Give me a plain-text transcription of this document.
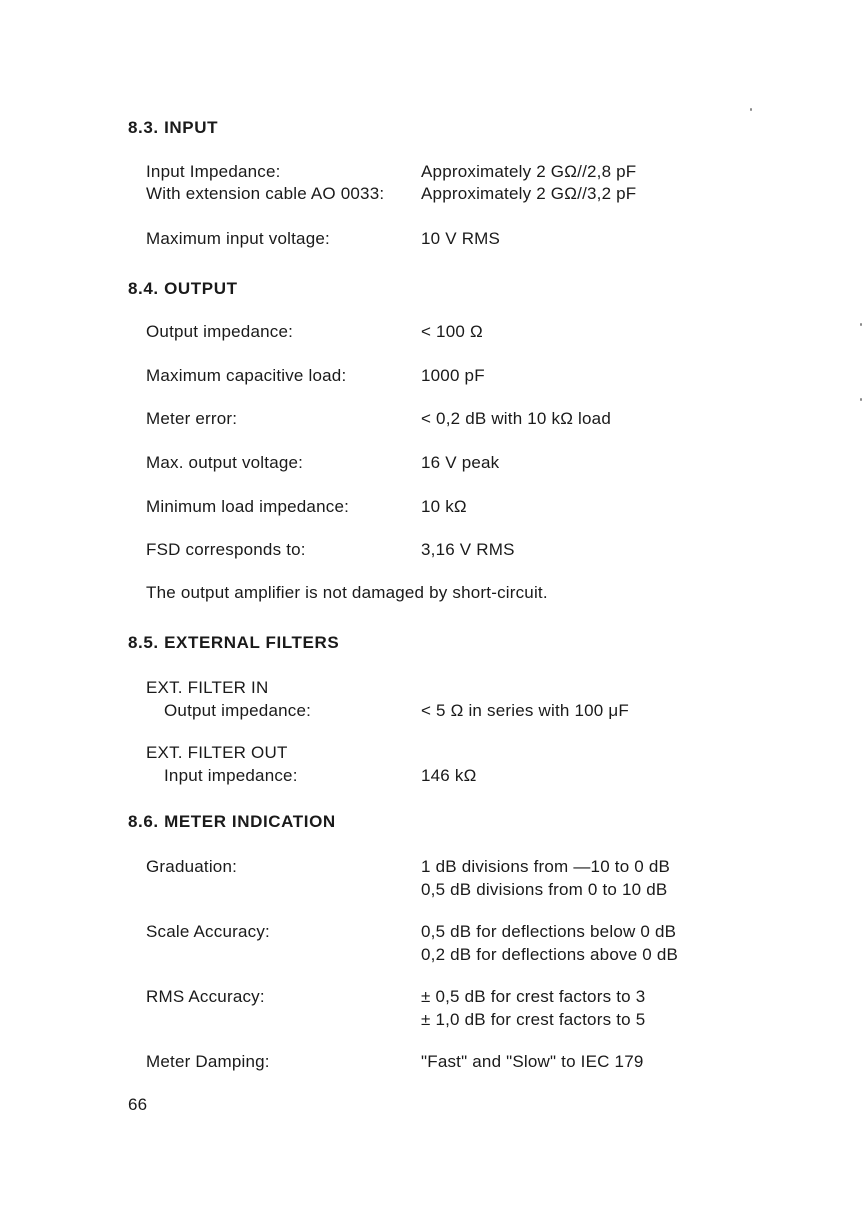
8.3. INPUT
Input Impedance:	Approximately 2 GΩ//2,8 pF
With extension cable AO 0033:	Approximately 2 GΩ//3,2 pF
Maximum input voltage:	10 V RMS
8.4. OUTPUT
Output impedance:	< 100 Ω
Maximum capacitive load:	1000 pF
Meter error:	< 0,2 dB with 10 kΩ load
Max. output voltage:	16 V peak
Minimum load impedance:	10 kΩ
FSD corresponds to:	3,16 V RMS
The output amplifier is not damaged by short-circuit.
8.5. EXTERNAL FILTERS
EXT. FILTER IN
Output impedance:	< 5 Ω in series with 100 μF
EXT. FILTER OUT
Input impedance:	146 kΩ
8.6. METER INDICATION
Graduation:	1 dB divisions from —10 to 0 dB
0,5 dB divisions from 0 to 10 dB
Scale Accuracy:	0,5 dB for deflections below 0 dB
0,2 dB for deflections above 0 dB
RMS Accuracy:	± 0,5 dB for crest factors to 3
± 1,0 dB for crest factors to 5
Meter Damping:	"Fast" and "Slow" to IEC 179
66
